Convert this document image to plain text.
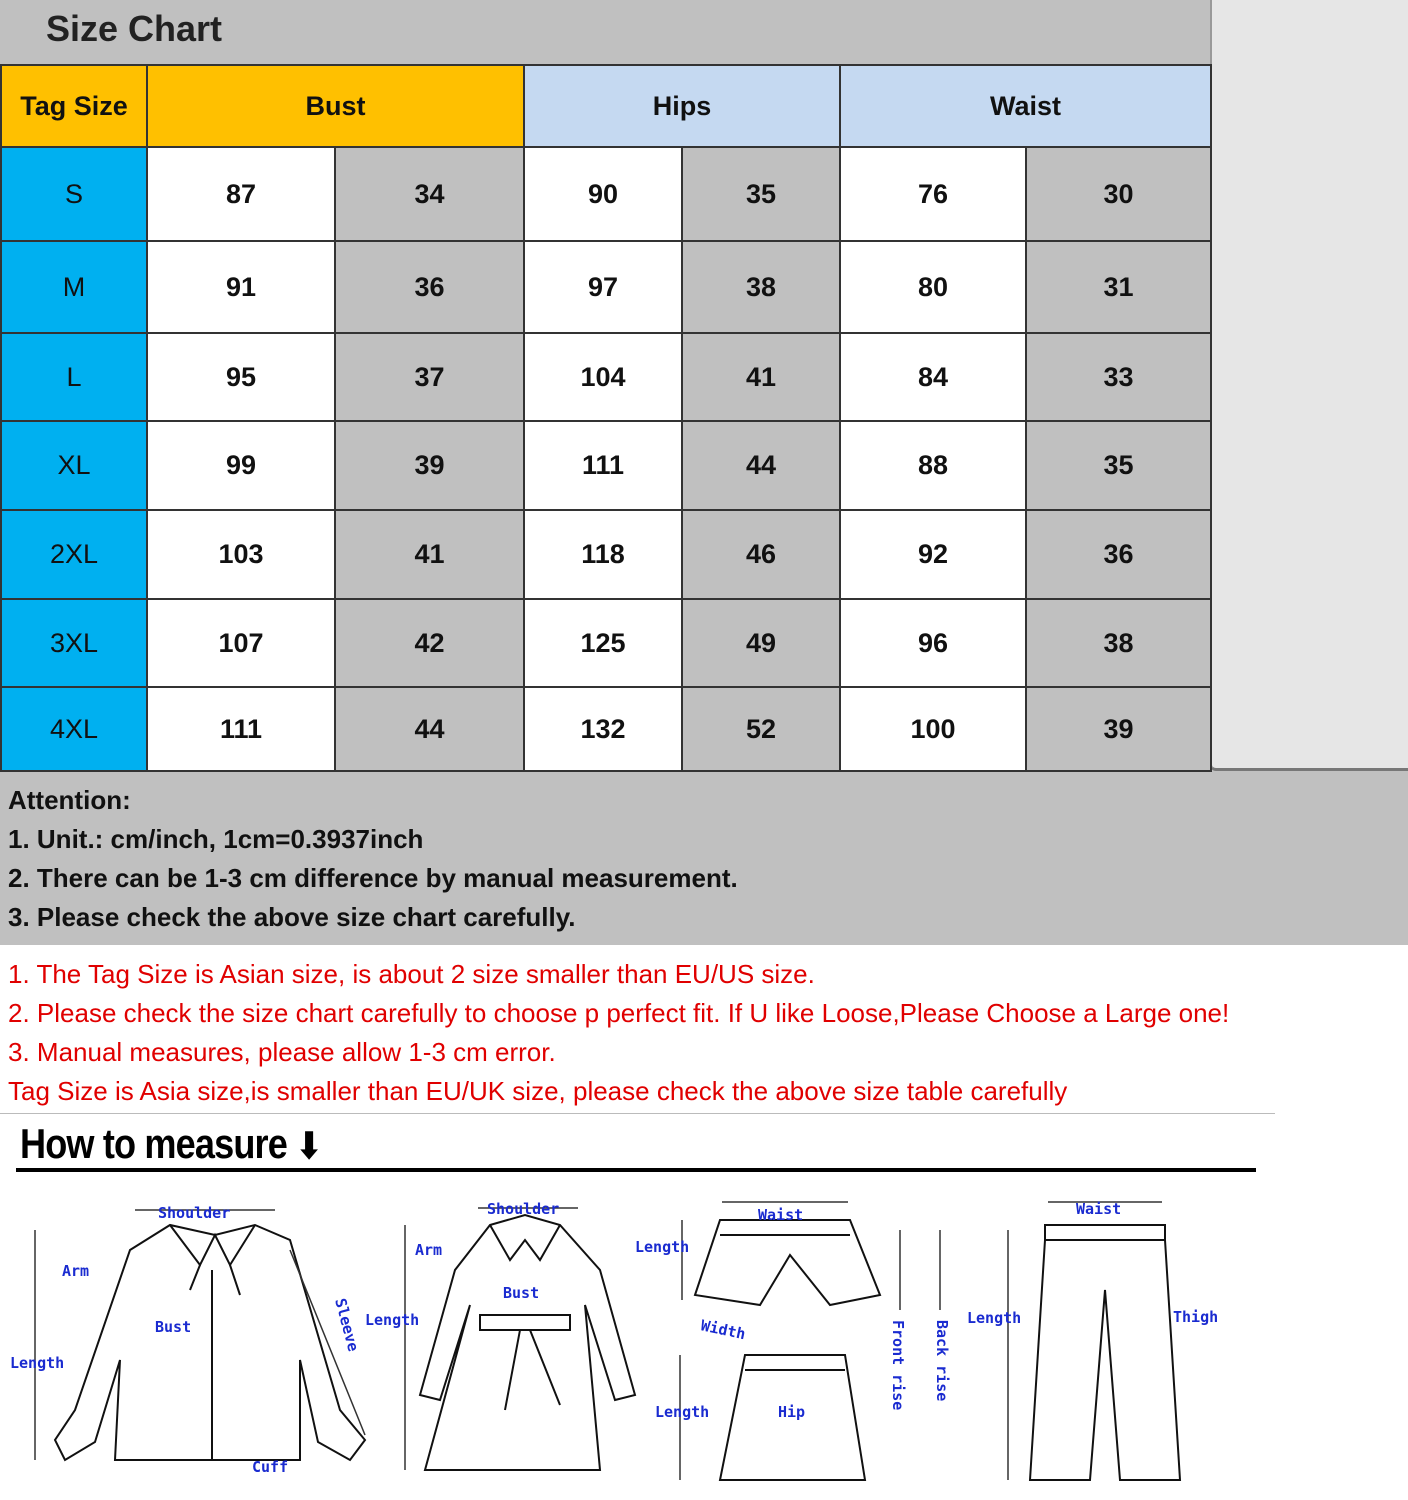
Size Chart
Tag Size	Bust		Hips		Waist	
S	87	34	90	35	76	30
M	91	36	97	38	80	31
L	95	37	104	41	84	33
XL	99	39	111	44	88	35
2XL	103	41	118	46	92	36
3XL	107	42	125	49	96	38
4XL	111	44	132	52	100	39
Attention:
1. Unit.: cm/inch, 1cm=0.3937inch
2. There can be 1-3 cm difference by manual measurement.
3. Please check the above size chart carefully.
1. The Tag Size is Asian size, is about 2 size smaller than EU/US size.
2. Please check the size chart carefully to choose p perfect fit. If U like Loose,Please Choose a Large one!
3. Manual measures, please allow 1-3 cm error.
Tag Size is Asia size,is smaller than EU/UK size, please check the above size table carefully
How to measure ⬇
Shoulder
Arm
Bust
Length
Sleeve
Cuff
Shoulder
Arm
Bust
Length
Waist
Length
Width
Length	Hip
Front rise Back rise
Waist
Length	Thigh
